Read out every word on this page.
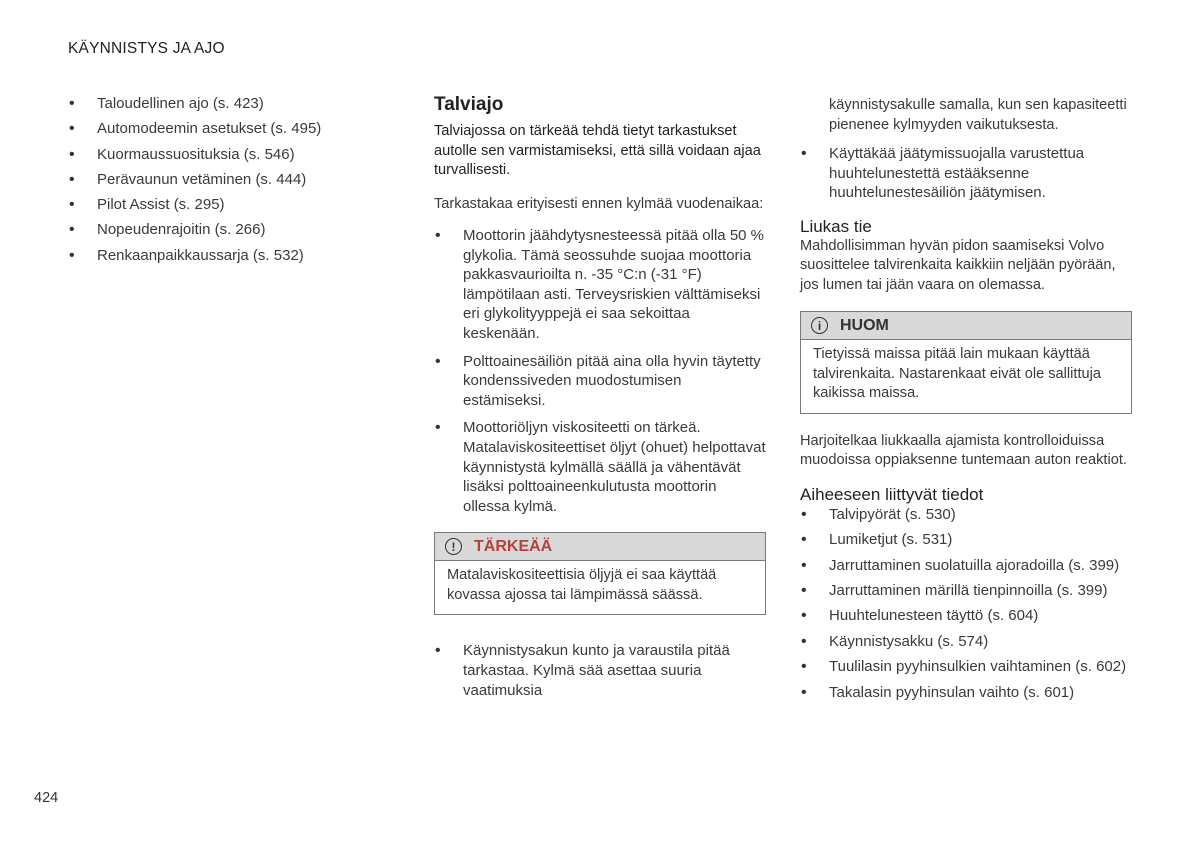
KÄYNNISTYS JA AJO
• Taloudellinen ajo (s. 423)
• Automodeemin asetukset (s. 495)
• Kuormaussuosituksia (s. 546)
• Perävaunun vetäminen (s. 444)
• Pilot Assist (s. 295)
• Nopeudenrajoitin (s. 266)
• Renkaanpaikkaussarja (s. 532)
Talviajo

Talviajossa on tärkeää tehdä tietyt tarkastukset autolle sen varmistamiseksi, että sillä voidaan ajaa turvallisesti.

Tarkastakaa erityisesti ennen kylmää vuodenaikaa:

• Moottorin jäähdytysnesteessä pitää olla 50 % glykolia. Tämä seossuhde suojaa moottoria pakkasvaurioilta n. -35 °C:n (-31 °F) lämpötilaan asti. Terveysriskien välttämiseksi eri glykolityyppejä ei saa sekoittaa keskenään.
• Polttoainesäiliön pitää aina olla hyvin täytetty kondenssiveden muodostumisen estämiseksi.
• Moottoriöljyn viskositeetti on tärkeä. Matalaviskositeettiset öljyt (ohuet) helpottavat käynnistystä kylmällä säällä ja vähentävät lisäksi polttoaineenkulutusta moottorin ollessa kylmä.
!	TÄRKEÄÄ
Matalaviskositeettisia öljyjä ei saa käyttää kovassa ajossa tai lämpimässä säässä.
• Käynnistysakun kunto ja varaustila pitää tarkastaa. Kylmä sää asettaa suuria vaatimuksia

käynnistysakulle samalla, kun sen kapasiteetti pienenee kylmyyden vaikutuksesta.

• Käyttäkää jäätymissuojalla varustettua huuhtelunestettä estääksenne huuhtelunestesäiliön jäätymisen.
Liukas tie

Mahdollisimman hyvän pidon saamiseksi Volvo suosittelee talvirenkaita kaikkiin neljään pyörään, jos lumen tai jään vaara on olemassa.

i	HUOM
Tietyissä maissa pitää lain mukaan käyttää talvirenkaita. Nastarenkaat eivät ole sallittuja kaikissa maissa.

Harjoitelkaa liukkaalla ajamista kontrolloiduissa muodoissa oppiaksenne tuntemaan auton reaktiot.

Aiheeseen liittyvät tiedot
• Talvipyörät (s. 530)
• Lumiketjut (s. 531)
• Jarruttaminen suolatuilla ajoradoilla (s. 399)
• Jarruttaminen märillä tienpinnoilla (s. 399)
• Huuhtelunesteen täyttö (s. 604)
• Käynnistysakku (s. 574)
• Tuulilasin pyyhinsulkien vaihtaminen (s. 602)
• Takalasin pyyhinsulan vaihto (s. 601)
424
